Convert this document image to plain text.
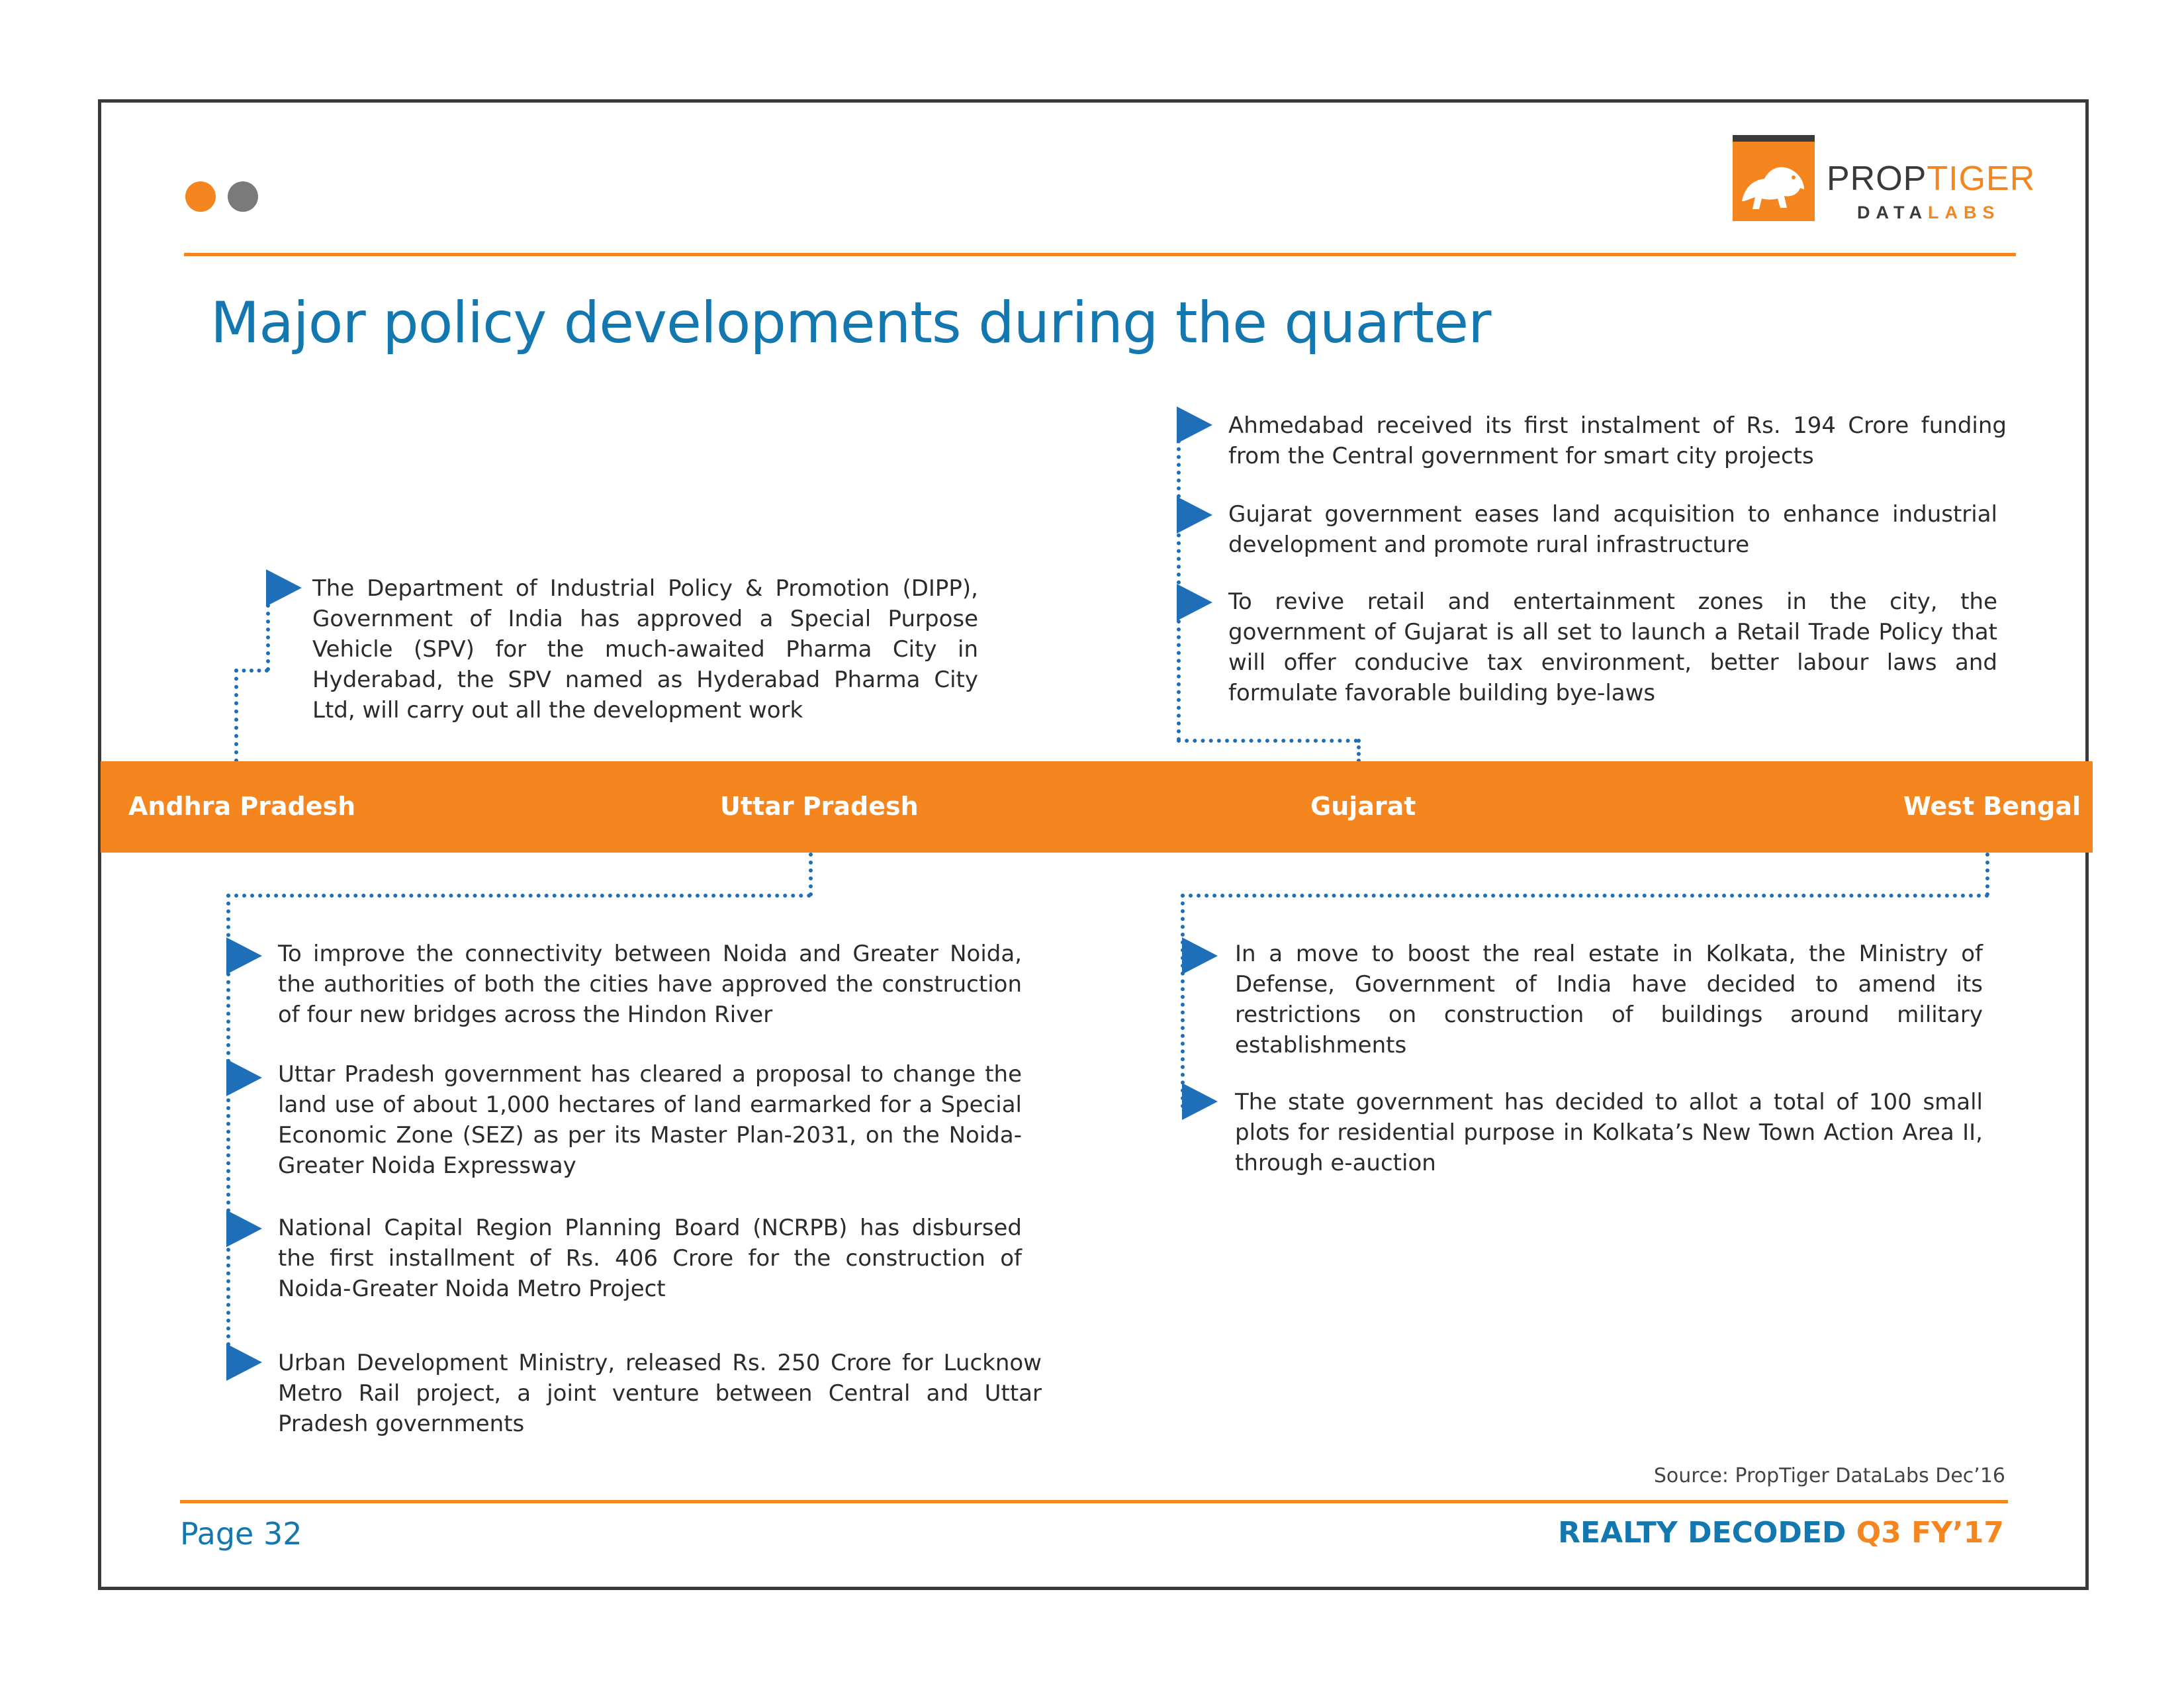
PROPTIGER
DATALABS
Major policy developments during the quarter
The Department of Industrial Policy & Promotion (DIPP), Government of India has approved a Special Purpose Vehicle (SPV) for the much-awaited Pharma City in Hyderabad, the SPV named as Hyderabad Pharma City Ltd, will carry out all the development work
Ahmedabad received its first instalment of Rs. 194 Crore funding from the Central government for smart city projects
Gujarat government eases land acquisition to enhance industrial development and promote rural infrastructure
To revive retail and entertainment zones in the city, the government of Gujarat is all set to launch a Retail Trade Policy that will offer conducive tax environment, better labour laws and formulate favorable building bye-laws
Andhra Pradesh	Uttar Pradesh	Gujarat	West Bengal
To improve the connectivity between Noida and Greater Noida, the authorities of both the cities have approved the construction of four new bridges across the Hindon River
Uttar Pradesh government has cleared a proposal to change the land use of about 1,000 hectares of land earmarked for a Special Economic Zone (SEZ) as per its Master Plan-2031, on the Noida-Greater Noida Expressway
National Capital Region Planning Board (NCRPB) has disbursed the first installment of Rs. 406 Crore for the construction of Noida-Greater Noida Metro Project
Urban Development Ministry, released Rs. 250 Crore for Lucknow Metro Rail project, a joint venture between Central and Uttar Pradesh governments
In a move to boost the real estate in Kolkata, the Ministry of Defense, Government of India have decided to amend its restrictions on construction of buildings around military establishments
The state government has decided to allot a total of 100 small plots for residential purpose in Kolkata’s New Town Action Area II, through e-auction
Source: PropTiger DataLabs Dec’16
Page 32	REALTY DECODED Q3 FY’17
